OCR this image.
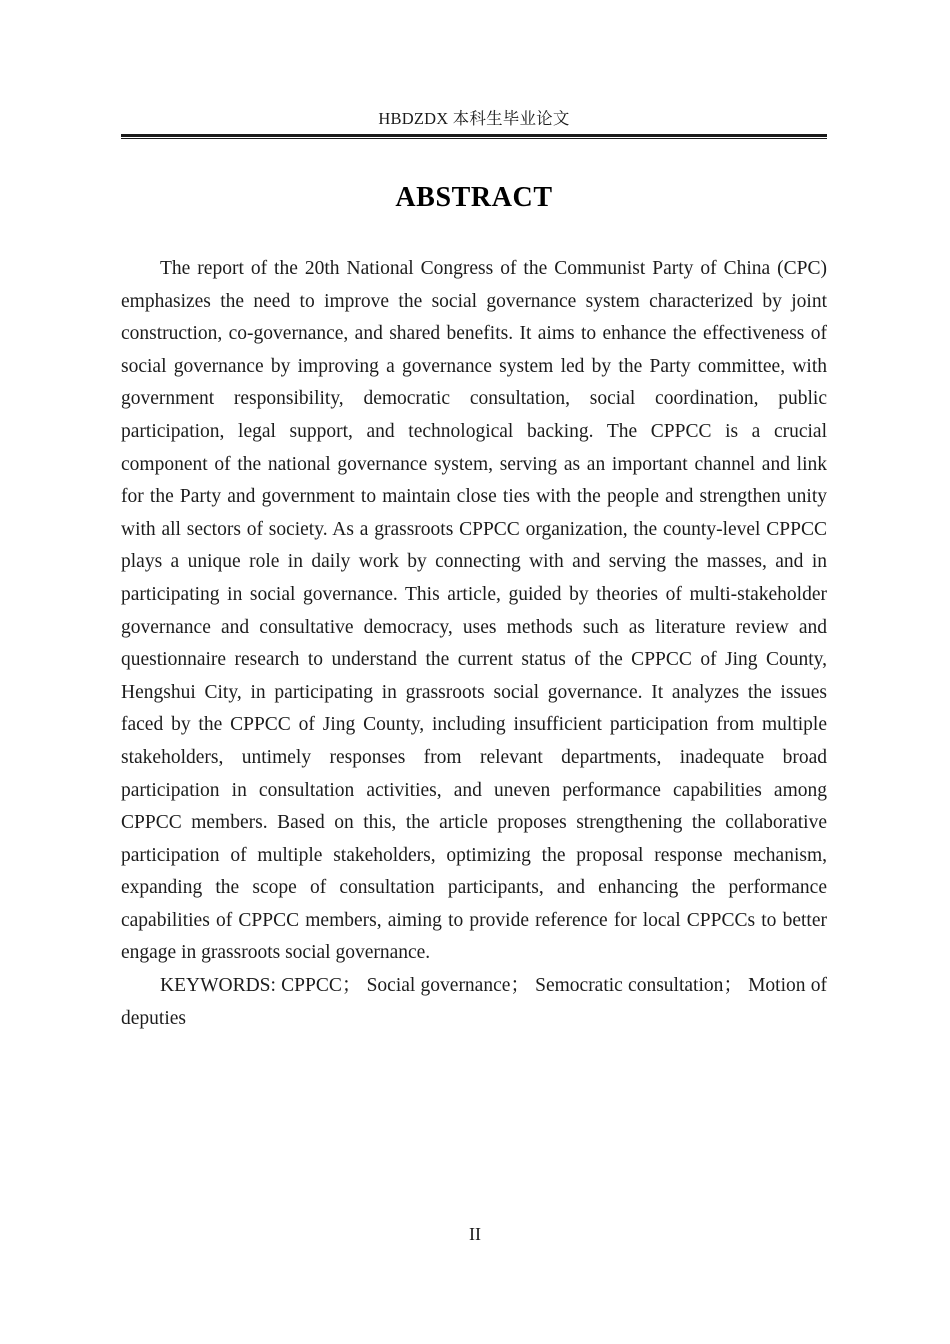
HBDZDX 本科生毕业论文
ABSTRACT

The report of the 20th National Congress of the Communist Party of China (CPC) emphasizes the need to improve the social governance system characterized by joint construction, co-governance, and shared benefits. It aims to enhance the effectiveness of social governance by improving a governance system led by the Party committee, with government responsibility, democratic consultation, social coordination, public participation, legal support, and technological backing. The CPPCC is a crucial component of the national governance system, serving as an important channel and link for the Party and government to maintain close ties with the people and strengthen unity with all sectors of society. As a grassroots CPPCC organization, the county-level CPPCC plays a unique role in daily work by connecting with and serving the masses, and in participating in social governance. This article, guided by theories of multi-stakeholder governance and consultative democracy, uses methods such as literature review and questionnaire research to understand the current status of the CPPCC of Jing County, Hengshui City, in participating in grassroots social governance. It analyzes the issues faced by the CPPCC of Jing County, including insufficient participation from multiple stakeholders, untimely responses from relevant departments, inadequate broad participation in consultation activities, and uneven performance capabilities among CPPCC members. Based on this, the article proposes strengthening the collaborative participation of multiple stakeholders, optimizing the proposal response mechanism, expanding the scope of consultation participants, and enhancing the performance capabilities of CPPCC members, aiming to provide reference for local CPPCCs to better engage in grassroots social governance.

KEYWORDS: CPPCC； Social governance； Semocratic consultation； Motion of deputies

II
